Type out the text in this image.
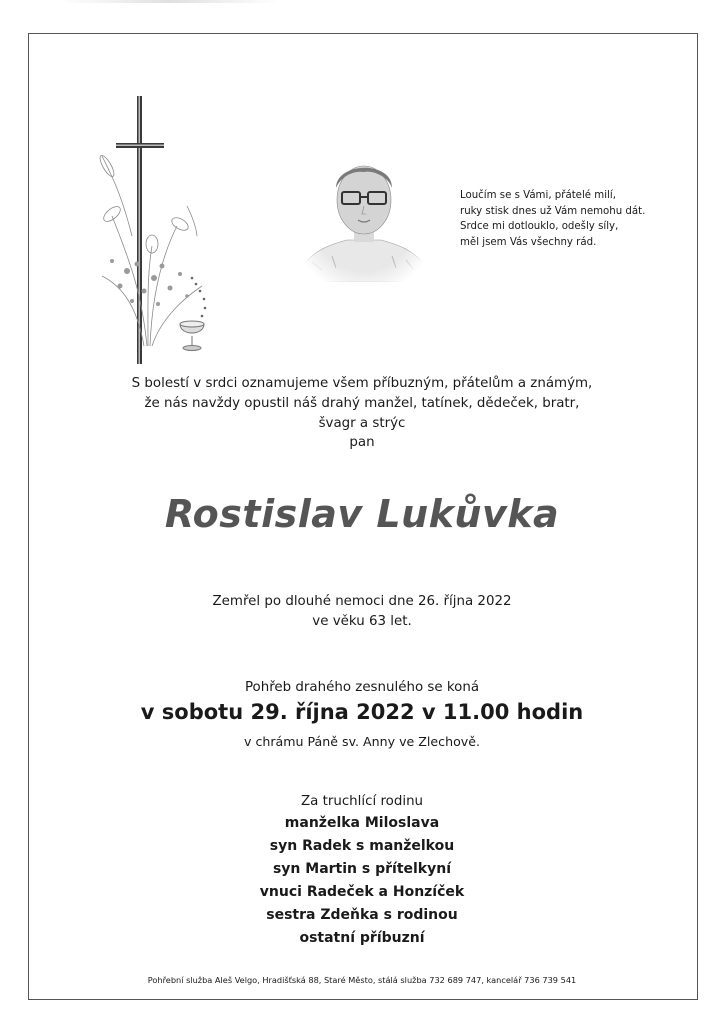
Loučím se s Vámi, přátelé milí,
ruky stisk dnes už Vám nemohu dát.
Srdce mi dotlouklo, odešly síly,
měl jsem Vás všechny rád.
S bolestí v srdci oznamujeme všem příbuzným, přátelům a známým,
že nás navždy opustil náš drahý manžel, tatínek, dědeček, bratr,
švagr a strýc
pan
Rostislav Lukůvka
Zemřel po dlouhé nemoci dne 26. října 2022
ve věku 63 let.
Pohřeb drahého zesnulého se koná
v sobotu 29. října 2022 v 11.00 hodin
v chrámu Páně sv. Anny ve Zlechově.
Za truchlící rodinu
manželka Miloslava
syn Radek s manželkou
syn Martin s přítelkyní
vnuci Radeček a Honzíček
sestra Zdeňka s rodinou
ostatní příbuzní
Pohřební služba Aleš Velgo, Hradišťská 88, Staré Město, stálá služba 732 689 747, kancelář 736 739 541
